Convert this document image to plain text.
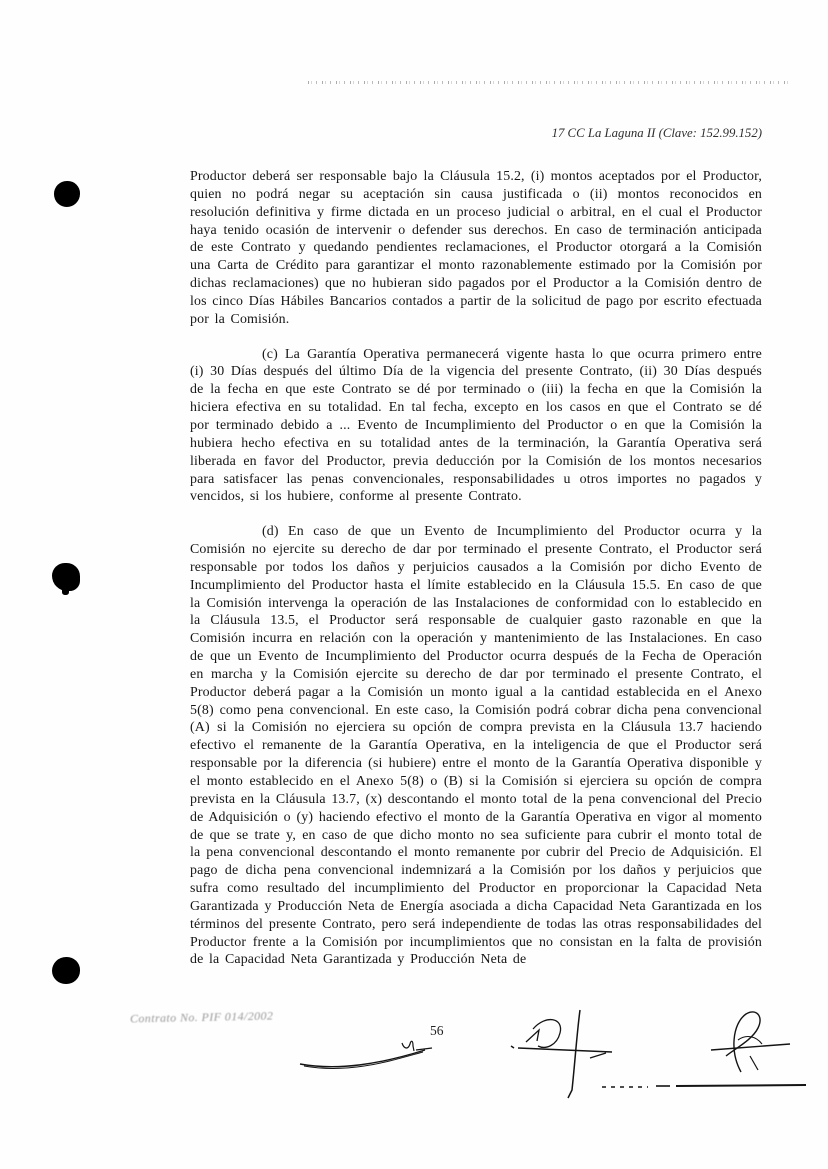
17 CC La Laguna II (Clave: 152.99.152)

Productor deberá ser responsable bajo la Cláusula 15.2, (i) montos aceptados por el Productor, quien no podrá negar su aceptación sin causa justificada o (ii) montos reconocidos en resolución definitiva y firme dictada en un proceso judicial o arbitral, en el cual el Productor haya tenido ocasión de intervenir o defender sus derechos. En caso de terminación anticipada de este Contrato y quedando pendientes reclamaciones, el Productor otorgará a la Comisión una Carta de Crédito para garantizar el monto razonablemente estimado por la Comisión por dichas reclamaciones) que no hubieran sido pagados por el Productor a la Comisión dentro de los cinco Días Hábiles Bancarios contados a partir de la solicitud de pago por escrito efectuada por la Comisión.

(c) La Garantía Operativa permanecerá vigente hasta lo que ocurra primero entre (i) 30 Días después del último Día de la vigencia del presente Contrato, (ii) 30 Días después de la fecha en que este Contrato se dé por terminado o (iii) la fecha en que la Comisión la hiciera efectiva en su totalidad. En tal fecha, excepto en los casos en que el Contrato se dé por terminado debido a ... Evento de Incumplimiento del Productor o en que la Comisión la hubiera hecho efectiva en su totalidad antes de la terminación, la Garantía Operativa será liberada en favor del Productor, previa deducción por la Comisión de los montos necesarios para satisfacer las penas convencionales, responsabilidades u otros importes no pagados y vencidos, si los hubiere, conforme al presente Contrato.

(d) En caso de que un Evento de Incumplimiento del Productor ocurra y la Comisión no ejercite su derecho de dar por terminado el presente Contrato, el Productor será responsable por todos los daños y perjuicios causados a la Comisión por dicho Evento de Incumplimiento del Productor hasta el límite establecido en la Cláusula 15.5. En caso de que la Comisión intervenga la operación de las Instalaciones de conformidad con lo establecido en la Cláusula 13.5, el Productor será responsable de cualquier gasto razonable en que la Comisión incurra en relación con la operación y mantenimiento de las Instalaciones. En caso de que un Evento de Incumplimiento del Productor ocurra después de la Fecha de Operación en marcha y la Comisión ejercite su derecho de dar por terminado el presente Contrato, el Productor deberá pagar a la Comisión un monto igual a la cantidad establecida en el Anexo 5(8) como pena convencional. En este caso, la Comisión podrá cobrar dicha pena convencional (A) si la Comisión no ejerciera su opción de compra prevista en la Cláusula 13.7 haciendo efectivo el remanente de la Garantía Operativa, en la inteligencia de que el Productor será responsable por la diferencia (si hubiere) entre el monto de la Garantía Operativa disponible y el monto establecido en el Anexo 5(8) o (B) si la Comisión si ejerciera su opción de compra prevista en la Cláusula 13.7, (x) descontando el monto total de la pena convencional del Precio de Adquisición o (y) haciendo efectivo el monto de la Garantía Operativa en vigor al momento de que se trate y, en caso de que dicho monto no sea suficiente para cubrir el monto total de la pena convencional descontando el monto remanente por cubrir del Precio de Adquisición. El pago de dicha pena convencional indemnizará a la Comisión por los daños y perjuicios que sufra como resultado del incumplimiento del Productor en proporcionar la Capacidad Neta Garantizada y Producción Neta de Energía asociada a dicha Capacidad Neta Garantizada en los términos del presente Contrato, pero será independiente de todas las otras responsabilidades del Productor frente a la Comisión por incumplimientos que no consistan en la falta de provisión de la Capacidad Neta Garantizada y Producción Neta de

Contrato No. PIF 014/2002
56
